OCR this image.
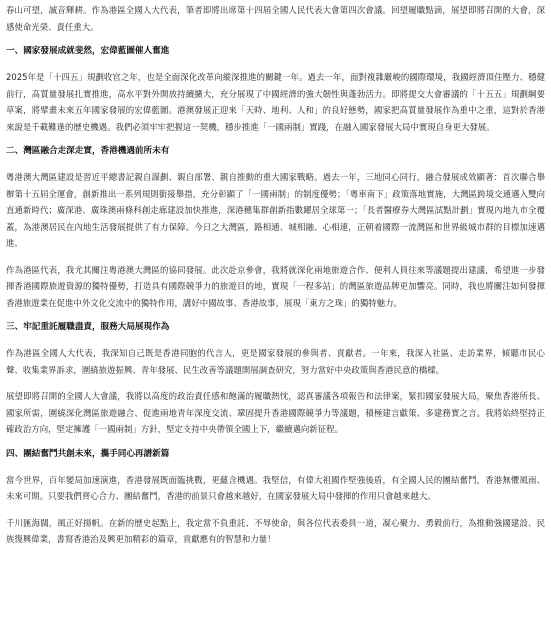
春山可望，誠音輝耕。作為港區全國人大代表，筆者即將出席第十四屆全國人民代表大會第四次會議。回望履職點滴，展望即將召開的大會，深感使命光榮、責任重大。

一、國家發展成就斐然，宏偉藍圖催人奮進

2025年是「十四五」規劃收官之年，也是全面深化改革向縱深推進的關鍵一年。過去一年，面對複雜嚴峻的國際環境，我國經濟頂住壓力、穩健前行，高質量發展扎實推進，高水平對外開放持續擴大，充分展現了中國經濟的強大韌性與蓬勃活力。即將提交大會審議的「十五五」規劃綱要草案，將擘畫未來五年國家發展的宏偉藍圖。港澳發展正迎來「天時、地利、人和」的良好態勢，國家把高質量發展作為重中之重，這對於香港來說是千載難逢的歷史機遇。我們必須牢牢把握這一契機，穩步推進「一國兩制」實踐，在融入國家發展大局中實現自身更大發展。

二、灣區融合走深走實，香港機遇前所未有

粵港澳大灣區建設是習近平總書記親自謀劃、親自部署、親自推動的重大國家戰略。過去一年，三地同心同行，融合發展成效顯著：首次聯合舉辦第十五屆全運會，創新推出一系列規則銜接舉措，充分彰顯了「一國兩制」的制度優勢；「粵車南下」政策落地實施，大灣區跨境交通邁入雙向直通新時代；廣深港、廣珠澳兩條科創走廊建設加快推進，深港穗集群創新指數躍居全球第一；「長者醫療券大灣區試點計劃」實現內地九市全覆蓋，為港澳居民在內地生活發展提供了有力保障。今日之大灣區，路相通、城相融、心相連，正朝着國際一流灣區和世界級城市群的目標加速邁進。

作為港區代表，我尤其關注粵港澳大灣區的協同發展。此次赴京參會，我將就深化兩地旅遊合作、便利人員往來等議題提出建議，希望進一步發揮香港國際旅遊資源的獨特優勢，打造具有國際競爭力的旅遊目的地，實現「一程多站」的灣區旅遊品牌更加響亮。同時，我也將關注如何發揮香港旅遊業在促進中外文化交流中的獨特作用，講好中國故事、香港故事，展現「東方之珠」的獨特魅力。

三、牢記重託履職盡責，服務大局展現作為

作為港區全國人大代表，我深知自己既是香港同胞的代言人，更是國家發展的參與者、貢獻者。一年來，我深入社區、走訪業界，傾聽市民心聲、收集業界訴求，圍繞旅遊振興、青年發展、民生改善等議題開展調查研究，努力當好中央政策與香港民意的橋樑。

展望即將召開的全國人大會議，我將以高度的政治責任感和飽滿的履職熱忱，認真審議各項報告和法律案，緊扣國家發展大局，聚焦香港所長、國家所需，圍繞深化灣區旅遊融合、促進兩地青年深度交流、鞏固提升香港國際競爭力等議題，積極建言獻策、多建務實之言。我將始終堅持正確政治方向，堅定擁護「一國兩制」方針，堅定支持中央帶領全國上下，繼續邁向新征程。

四、團結奮鬥共創未來，攜手同心再譜新篇

當今世界，百年變局加速演進，香港發展既面臨挑戰，更蘊含機遇。我堅信，有偉大祖國作堅強後盾，有全國人民的團結奮鬥，香港無懼風雨、未來可期。只要我們齊心合力、團結奮鬥，香港的前景只會越來越好，在國家發展大局中發揮的作用只會越來越大。

千川匯海闊，風正好揚帆。在新的歷史起點上，我定當不負重託、不辱使命，與各位代表委員一道，凝心聚力、勇毅前行，為推動強國建設、民族復興偉業，書寫香港治及興更加精彩的篇章，貢獻應有的智慧和力量！
